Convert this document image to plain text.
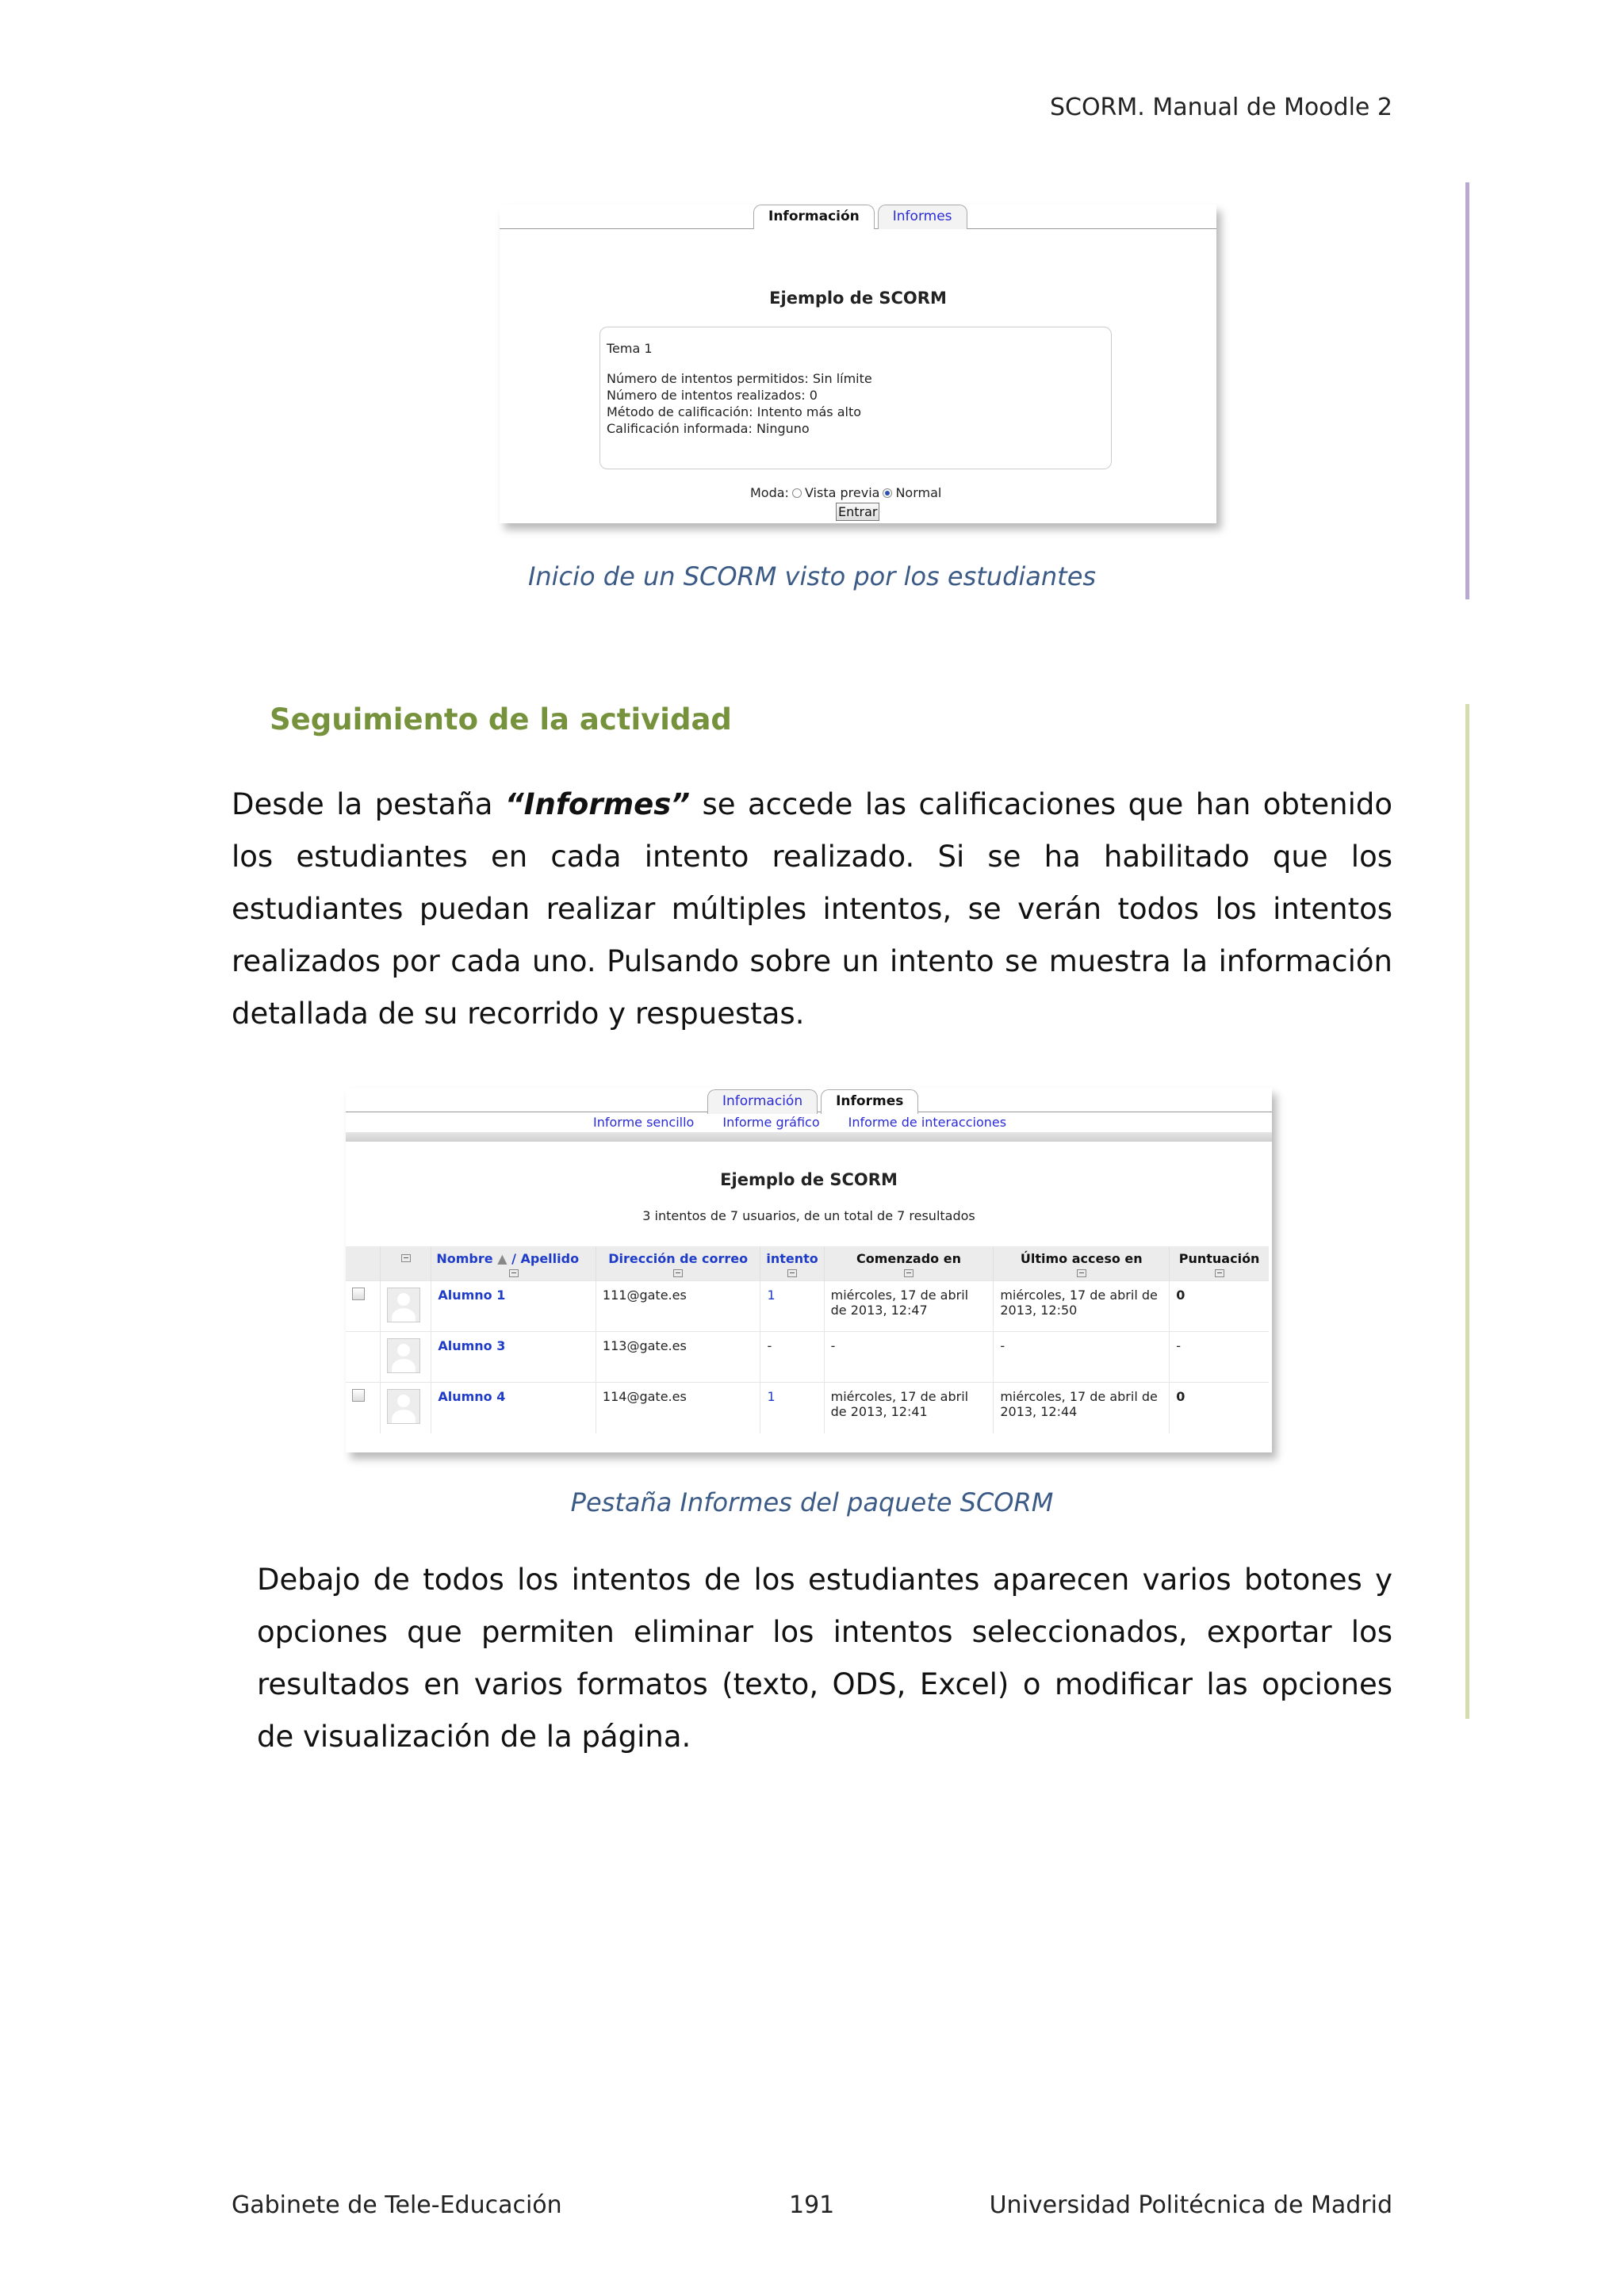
SCORM. Manual de Moodle 2
Información	Informes
Ejemplo de SCORM
Tema 1
Número de intentos permitidos: Sin límite
Número de intentos realizados: 0
Método de calificación: Intento más alto
Calificación informada: Ninguno
Moda: Vista previa Normal
Entrar
Inicio de un SCORM visto por los estudiantes
Seguimiento de la actividad
Desde la pestaña “Informes” se accede las calificaciones que han obtenido los estudiantes en cada intento realizado. Si se ha habilitado que los estudiantes puedan realizar múltiples intentos, se verán todos los intentos realizados por cada uno. Pulsando sobre un intento se muestra la información detallada de su recorrido y respuestas.
Información	Informes
Informe sencillo Informe gráfico Informe de interacciones
Ejemplo de SCORM
3 intentos de 7 usuarios, de un total de 7 resultados

	Nombre ▲ / Apellido	Dirección de correo	intento	Comenzado en	Último acceso en	Puntuación

	Alumno 1	111@gate.es	1	miércoles, 17 de abril de 2013, 12:47	miércoles, 17 de abril de 2013, 12:50	0

	Alumno 3	113@gate.es	-	-	-	-

	Alumno 4	114@gate.es	1	miércoles, 17 de abril de 2013, 12:41	miércoles, 17 de abril de 2013, 12:44	0
Pestaña Informes del paquete SCORM
Debajo de todos los intentos de los estudiantes aparecen varios botones y opciones que permiten eliminar los intentos seleccionados, exportar los resultados en varios formatos (texto, ODS, Excel) o modificar las opciones de visualización de la página.
Gabinete de Tele-Educación	191	Universidad Politécnica de Madrid
